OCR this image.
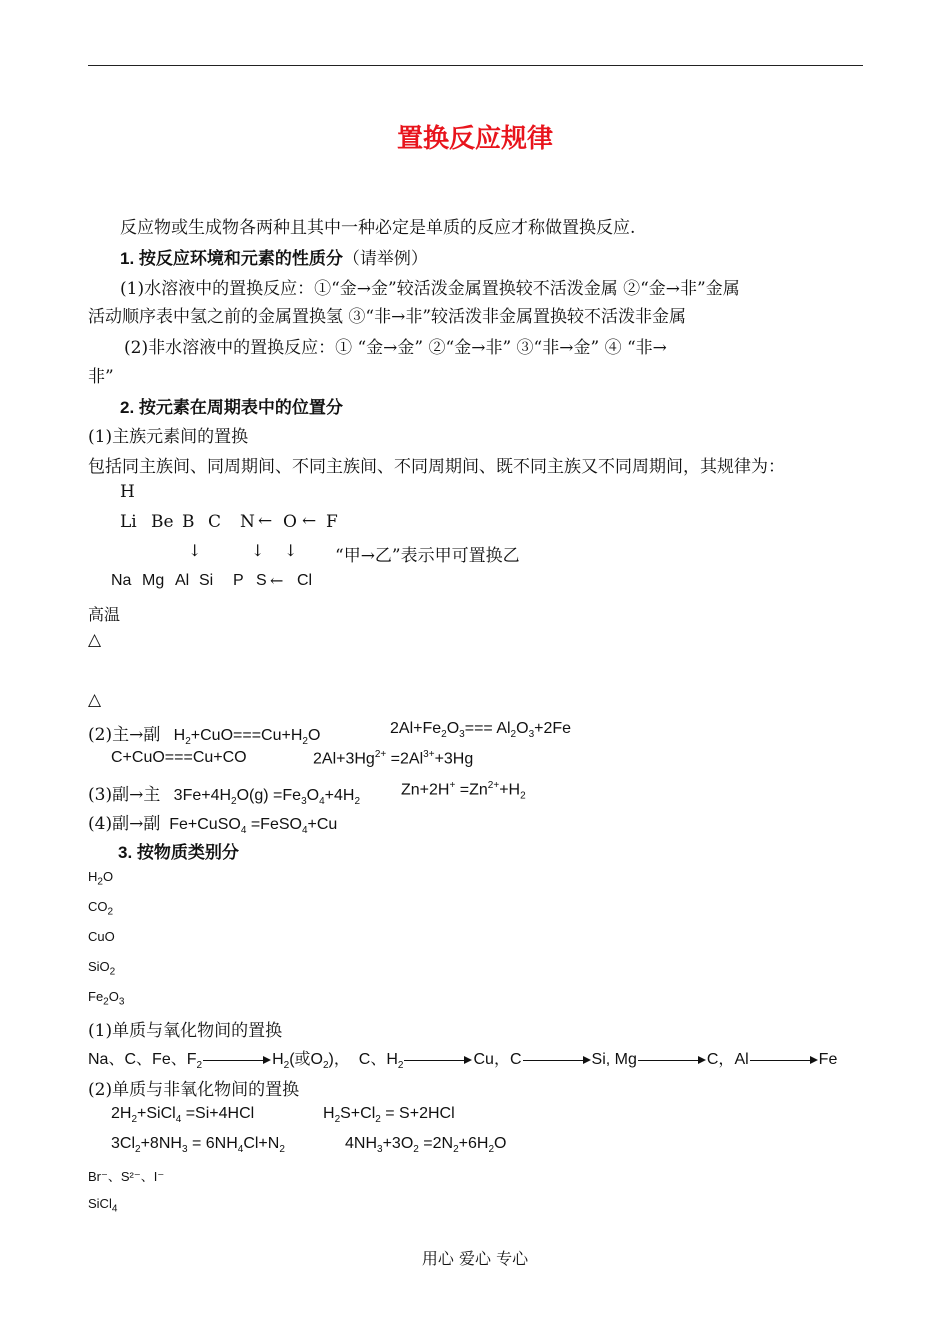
置换反应规律
反应物或生成物各两种且其中一种必定是单质的反应才称做置换反应.
1. 按反应环境和元素的性质分（请举例）
(1)水溶液中的置换反应：①“金→金”较活泼金属置换较不活泼金属 ②“金→非”金属
活动顺序表中氢之前的金属置换氢 ③“非→非”较活泼非金属置换较不活泼非金属
(2)非水溶液中的置换反应：① “金→金” ②“金→非” ③“非→金” ④ “非→
非”
2. 按元素在周期表中的位置分
(1)主族元素间的置换
包括同主族间、同周期间、不同主族间、不同周期间、既不同主族又不同周期间，其规律为：
H
Li Be B C N ← O ← F
↓	↓ ↓ “甲→乙”表示甲可置换乙
Na Mg Al Si P S ← Cl
高温
△
△
(2)主→副   $H_2+CuO===Cu+H_2O$	$2Al+Fe_2O_3=== Al_2O_3+2Fe$
C+CuO===Cu+CO	$2Al+3Hg^{2+} =2Al^{3+}+3Hg$
(3)副→主   $3Fe+4H_2O(g) =Fe_3O_4+4H_2$
$Zn+2H^+ =Zn^{2+}+H_2$
(4)副→副  Fe+CuSO$_4$ =FeSO$_4$+Cu
3. 按物质类别分
$H_2O$
$CO_2$
CuO
SiO$_2$
$Fe_2O_3$
(1)单质与氧化物间的置换
Na、C、Fe、$F_2$	$H_2$(或$O_2$)，  C、$H_2$	Cu，C	Si, Mg	C，Al	Fe
(2)单质与非氧化物间的置换
$2H_2+SiCl_4 =Si+4HCl$	$H_2S+Cl_2 = S+2HCl$
$3Cl_2+8NH_3 = 6NH_4Cl+N_2$	$4NH_3+3O_2 =2N_2+6H_2O$
Br⁻、S²⁻、I⁻
SiCl$_4$
用心 爱心 专心
